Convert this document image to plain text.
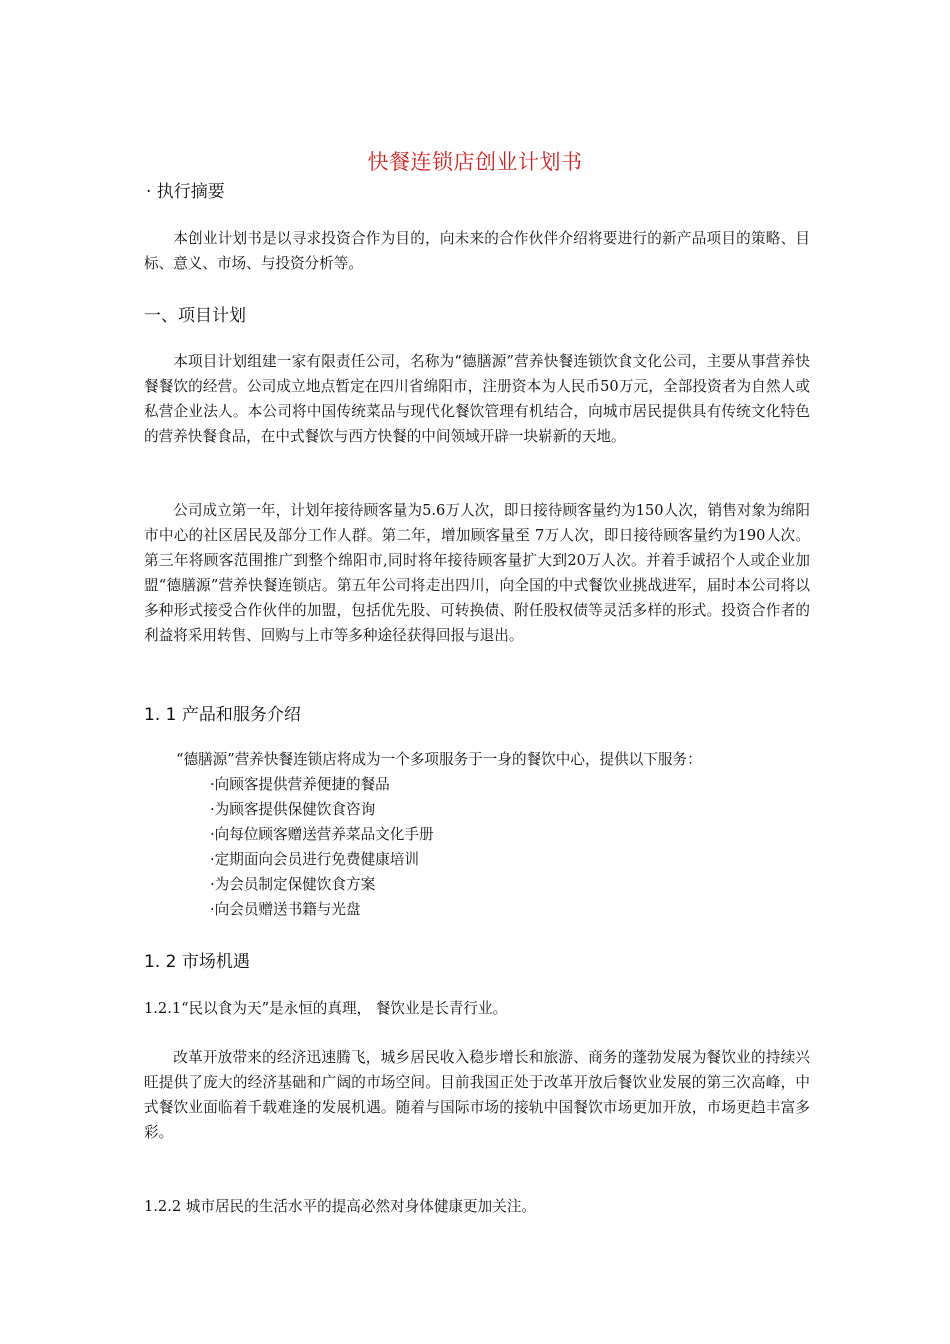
快餐连锁店创业计划书
· 执行摘要

本创业计划书是以寻求投资合作为目的，向未来的合作伙伴介绍将要进行的新产品项目的策略、目标、意义、市场、与投资分析等。

一、项目计划

本项目计划组建一家有限责任公司，名称为“德膳源”营养快餐连锁饮食文化公司，主要从事营养快餐餐饮的经营。公司成立地点暂定在四川省绵阳市，注册资本为人民币50万元，全部投资者为自然人或私营企业法人。本公司将中国传统菜品与现代化餐饮管理有机结合，向城市居民提供具有传统文化特色的营养快餐食品，在中式餐饮与西方快餐的中间领域开辟一块崭新的天地。

公司成立第一年，计划年接待顾客量为5.6万人次，即日接待顾客量约为150人次，销售对象为绵阳市中心的社区居民及部分工作人群。第二年，增加顾客量至 7万人次，即日接待顾客量约为190人次。第三年将顾客范围推广到整个绵阳市,同时将年接待顾客量扩大到20万人次。并着手诚招个人或企业加盟“德膳源”营养快餐连锁店。第五年公司将走出四川，向全国的中式餐饮业挑战进军，届时本公司将以多种形式接受合作伙伴的加盟，包括优先股、可转换债、附任股权债等灵活多样的形式。投资合作者的利益将采用转售、回购与上市等多种途径获得回报与退出。

1. 1 产品和服务介绍

“德膳源”营养快餐连锁店将成为一个多项服务于一身的餐饮中心，提供以下服务：

·向顾客提供营养便捷的餐品
·为顾客提供保健饮食咨询
·向每位顾客赠送营养菜品文化手册
·定期面向会员进行免费健康培训
·为会员制定保健饮食方案
·向会员赠送书籍与光盘
1. 2 市场机遇

1.2.1“民以食为天”是永恒的真理， 餐饮业是长青行业。

改革开放带来的经济迅速腾飞，城乡居民收入稳步增长和旅游、商务的蓬勃发展为餐饮业的持续兴旺提供了庞大的经济基础和广阔的市场空间。目前我国正处于改革开放后餐饮业发展的第三次高峰，中式餐饮业面临着千载难逢的发展机遇。随着与国际市场的接轨中国餐饮市场更加开放，市场更趋丰富多彩。

1.2.2 城市居民的生活水平的提高必然对身体健康更加关注。
